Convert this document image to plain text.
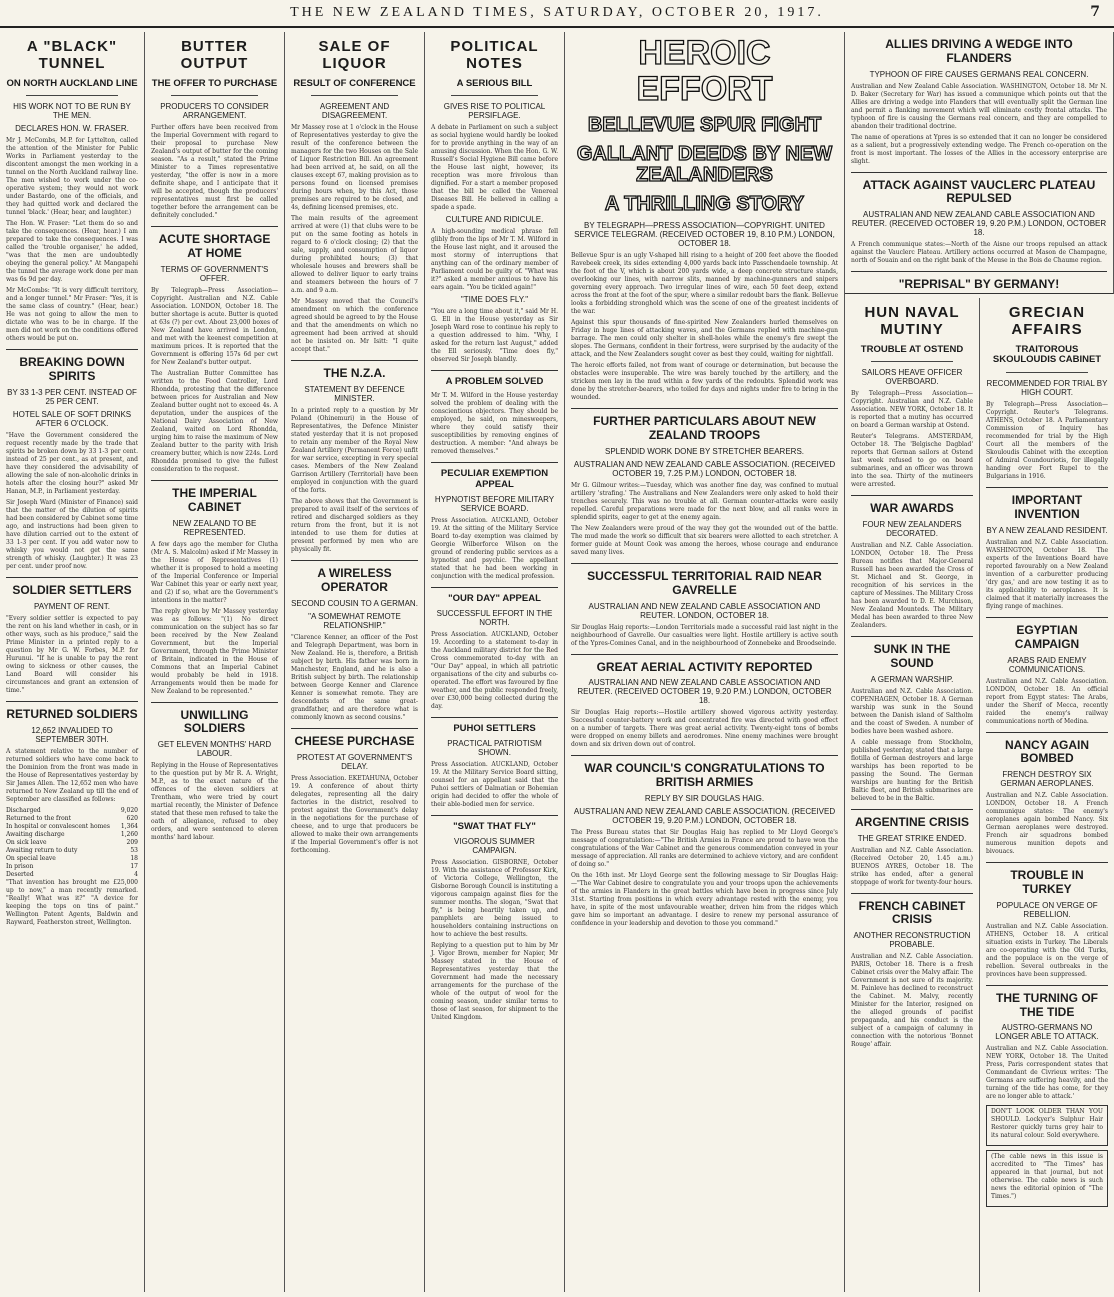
THE NEW ZEALAND TIMES, SATURDAY, OCTOBER 20, 1917.	7
A "BLACK" TUNNEL
ON NORTH AUCKLAND LINE
HIS WORK NOT TO BE RUN BY THE MEN.
DECLARES HON. W. FRASER.

Mr J. McCombs, M.P. for Lyttelton, called the attention of the Minister for Public Works in Parliament yesterday to the discontent amongst the men working in a tunnel on the North Auckland railway line. The men wished to work under the co-operative system; they would not work under Bastardo, one of the officials, and they had quitted work and declared the tunnel 'black.' (Hear, hear, and laughter.)

The Hon. W. Fraser: "Let them do so and take the consequences. (Hear, hear.) I am prepared to take the consequences. I was called the 'trouble organiser,' he added, "was that the men are undoubtedly obeying the general policy." At Mangapehi the tunnel the average work done per man was 6s 9d per day.

Mr McCombs: "It is very difficult territory, and a longer tunnel." Mr Fraser: "Yes, it is the same class of country." (Hear, hear.) He was not going to allow the men to dictate who was to be in charge. If the men did not work on the conditions offered others would be put on.

BREAKING DOWN SPIRITS
BY 33 1-3 PER CENT. INSTEAD OF 25 PER CENT.
HOTEL SALE OF SOFT DRINKS AFTER 6 O'CLOCK.

"Have the Government considered the request recently made by the trade that spirits be broken down by 33 1-3 per cent. instead of 25 per cent., as at present, and have they considered the advisability of allowing the sale of non-alcoholic drinks in hotels after the closing hour?" asked Mr Hanan, M.P., in Parliament yesterday.

Sir Joseph Ward (Minister of Finance) said that the matter of the dilution of spirits had been considered by Cabinet some time ago, and instructions had been given to have dilution carried out to the extent of 33 1-3 per cent. If you add water now to whisky you would not get the same strength of whisky. (Laughter.) It was 23 per cent. under proof now.

SOLDIER SETTLERS
PAYMENT OF RENT.

"Every soldier settler is expected to pay the rent on his land whether in cash, or in other ways, such as his produce," said the Prime Minister in a printed reply to a question by Mr G. W. Forbes, M.P. for Hurunui. "If he is unable to pay the rent owing to sickness or other causes, the Land Board will consider his circumstances and grant an extension of time."

RETURNED SOLDIERS
12,652 INVALIDED TO SEPTEMBER 30TH.

A statement relative to the number of returned soldiers who have come back to the Dominion from the front was made in the House of Representatives yesterday by Sir James Allen. The 12,652 men who have returned to New Zealand up till the end of September are classified as follows:

Discharged	9,020
Returned to the front	620
In hospital or convalescent homes 1,364
Awaiting discharge	1,260
On sick leave	209
Awaiting return to duty	53
On special leave	18
In prison	17
Deserted	4

"That invention has brought me £25,000 up to now," a man recently remarked. "Really! What was it?" "A device for keeping the tops on tins of paint." Wellington Patent Agents, Baldwin and Rayward, Featherston street, Wellington.

BUTTER OUTPUT
THE OFFER TO PURCHASE
PRODUCERS TO CONSIDER ARRANGEMENT.

Further offers have been received from the Imperial Government with regard to their proposal to purchase New Zealand's output of butter for the coming season. "As a result," stated the Prime Minister to a Times representative yesterday, "the offer is now in a more definite shape, and I anticipate that it will be accepted, though the producers' representatives must first be called together before the arrangement can be definitely concluded."

ACUTE SHORTAGE AT HOME
TERMS OF GOVERNMENT'S OFFER.

By Telegraph—Press Association—Copyright. Australian and N.Z. Cable Association. LONDON, October 18. The butter shortage is acute. Butter is quoted at 63s (?) per cwt. About 23,000 boxes of New Zealand have arrived in London, and met with the keenest competition at maximum prices. It is reported that the Government is offering 157s 6d per cwt for New Zealand's butter output.

The Australian Butter Committee has written to the Food Controller, Lord Rhondda, protesting that the difference between prices for Australian and New Zealand butter ought not to exceed 4s. A deputation, under the auspices of the National Dairy Association of New Zealand, waited on Lord Rhondda, urging him to raise the maximum of New Zealand butter to the parity with Irish creamery butter, which is now 224s. Lord Rhondda promised to give the fullest consideration to the request.

THE IMPERIAL CABINET
NEW ZEALAND TO BE REPRESENTED.

A few days ago the member for Clutha (Mr A. S. Malcolm) asked if Mr Massey in the House of Representatives (1) whether it is proposed to hold a meeting of the Imperial Conference or Imperial War Cabinet this year or early next year, and (2) if so, what are the Government's intentions in the matter?

The reply given by Mr Massey yesterday was as follows: "(1) No direct communication on the subject has so far been received by the New Zealand Government, but the Imperial Government, through the Prime Minister of Britain, indicated in the House of Commons that an Imperial Cabinet would probably be held in 1918. Arrangements would then be made for New Zealand to be represented."

UNWILLING SOLDIERS
GET ELEVEN MONTHS' HARD LABOUR.

Replying in the House of Representatives to the question put by Mr R. A. Wright, M.P., as to the exact nature of the offences of the eleven soldiers at Trentham, who were tried by court martial recently, the Minister of Defence stated that these men refused to take the oath of allegiance, refused to obey orders, and were sentenced to eleven months' hard labour.

SALE OF LIQUOR
RESULT OF CONFERENCE
AGREEMENT AND DISAGREEMENT.

Mr Massey rose at 1 o'clock in the House of Representatives yesterday to give the result of the conference between the managers for the two Houses on the Sale of Liquor Restriction Bill. An agreement had been arrived at, he said, on all the clauses except 67, making provision as to persons found on licensed premises during hours when, by this Act, those premises are required to be closed, and 4s, defining licensed premises, etc.

The main results of the agreement arrived at were (1) that clubs were to be put on the same footing as hotels in regard to 6 o'clock closing; (2) that the sale, supply, and consumption of liquor during prohibited hours; (3) that wholesale houses and brewers shall be allowed to deliver liquor to early trains and steamers between the hours of 7 a.m. and 9 a.m.

Mr Massey moved that the Council's amendment on which the conference agreed should be agreed to by the House and that the amendments on which no agreement had been arrived at should not be insisted on. Mr Isitt: "I quite accept that."

THE N.Z.A.
STATEMENT BY DEFENCE MINISTER.

In a printed reply to a question by Mr Poland (Ohinemuri) in the House of Representatives, the Defence Minister stated yesterday that it is not proposed to retain any member of the Royal New Zealand Artillery (Permanent Force) unfit for war service, excepting in very special cases. Members of the New Zealand Garrison Artillery (Territorial) have been employed in conjunction with the guard of the forts.

The above shows that the Government is prepared to avail itself of the services of retired and discharged soldiers as they return from the front, but it is not intended to use them for duties at present performed by men who are physically fit.

A WIRELESS OPERATOR
SECOND COUSIN TO A GERMAN.
"A SOMEWHAT REMOTE RELATIONSHIP."

"Clarence Kenner, an officer of the Post and Telegraph Department, was born in New Zealand. He is, therefore, a British subject by birth. His father was born in Manchester, England, and he is also a British subject by birth. The relationship between George Kenner and Clarence Kenner is somewhat remote. They are descendants of the same great-grandfather, and are therefore what is commonly known as second cousins."

CHEESE PURCHASE
PROTEST AT GOVERNMENT'S DELAY.

Press Association. EKETAHUNA, October 19. A conference of about thirty delegates, representing all the dairy factories in the district, resolved to protest against the Government's delay in the negotiations for the purchase of cheese, and to urge that producers be allowed to make their own arrangements if the Imperial Government's offer is not forthcoming.

POLITICAL NOTES
A SERIOUS BILL
GIVES RISE TO POLITICAL PERSIFLAGE.

A debate in Parliament on such a subject as social hygiene would hardly be looked for to provide anything in the way of an amusing discussion. When the Hon. G. W. Russell's Social Hygiene Bill came before the House last night, however, its reception was more frivolous than dignified. For a start a member proposed that the bill be called the Venereal Diseases Bill. He believed in calling a spade a spade.

CULTURE AND RIDICULE.

A high-sounding medical phrase fell glibly from the lips of Mr T. M. Wilford in the House last night, and it aroused the most stormy of interruptions that anything can of the ordinary member of Parliament could be guilty of. "What was it?" asked a member anxious to have his ears again. "You be tickled again!"

"TIME DOES FLY."

"You are a long time about it," said Mr H. G. Ell in the House yesterday as Sir Joseph Ward rose to continue his reply to a question addressed to him. "Why, I asked for the return last August," added the Ell seriously. "Time does fly," observed Sir Joseph blandly.

A PROBLEM SOLVED

Mr T. M. Wilford in the House yesterday solved the problem of dealing with the conscientious objectors. They should be employed, he said, on minesweepers, where they could satisfy their susceptibilities by removing engines of destruction. A member: "And always be removed themselves."

PECULIAR EXEMPTION APPEAL
HYPNOTIST BEFORE MILITARY SERVICE BOARD.

Press Association. AUCKLAND, October 19. At the sitting of the Military Service Board to-day exemption was claimed by Georgie Wilberforce Wilson on the ground of rendering public services as a hypnotist and psychic. The appellant stated that he had been working in conjunction with the medical profession.

"OUR DAY" APPEAL
SUCCESSFUL EFFORT IN THE NORTH.

Press Association. AUCKLAND, October 19. According to a statement to-day in the Auckland military district for the Red Cross commemorated to-day with an "Our Day" appeal, in which all patriotic organisations of the city and suburbs co-operated. The effort was favoured by fine weather, and the public responded freely, over £30,000 being collected during the day.

PUHOI SETTLERS
PRACTICAL PATRIOTISM SHOWN.

Press Association. AUCKLAND, October 19. At the Military Service Board sitting, counsel for an appellant said that the Puhoi settlers of Dalmatian or Bohemian origin had decided to offer the whole of their able-bodied men for service.

"SWAT THAT FLY"
VIGOROUS SUMMER CAMPAIGN.

Press Association. GISBORNE, October 19. With the assistance of Professor Kirk, of Victoria College, Wellington, the Gisborne Borough Council is instituting a vigorous campaign against flies for the summer months. The slogan, "Swat that fly," is being heartily taken up, and pamphlets are being issued to householders containing instructions on how to achieve the best results.

Replying to a question put to him by Mr J. Vigor Brown, member for Napier, Mr Massey stated in the House of Representatives yesterday that the Government had made the necessary arrangements for the purchase of the whole of the output of wool for the coming season, under similar terms to those of last season, for shipment to the United Kingdom.

HEROIC EFFORT
BELLEVUE SPUR FIGHT
GALLANT DEEDS BY NEW ZEALANDERS
A THRILLING STORY
BY TELEGRAPH—PRESS ASSOCIATION—COPYRIGHT. UNITED SERVICE TELEGRAM. (RECEIVED OCTOBER 19, 8.10 P.M.) LONDON, OCTOBER 18.

Bellevue Spur is an ugly V-shaped hill rising to a height of 200 feet above the flooded Ravebeek creek, its sides extending 4,000 yards back into Passchendaele township. At the foot of the V, which is about 200 yards wide, a deep concrete structure stands, overlooking our lines, with narrow slits, manned by machine-gunners and snipers governing every approach. Two irregular lines of wire, each 50 feet deep, extend across the front at the foot of the spur, where a similar redoubt bars the flank. Bellevue looks a forbidding stronghold which was the scene of one of the greatest incidents of the war.

Against this spur thousands of fine-spirited New Zealanders hurled themselves on Friday in huge lines of attacking waves, and the Germans replied with machine-gun barrage. The men could only shelter in shell-holes while the enemy's fire swept the slopes. The Germans, confident in their fortress, were surprised by the audacity of the attack, and the New Zealanders sought cover as best they could, waiting for nightfall.

The heroic efforts failed, not from want of courage or determination, but because the obstacles were insuperable. The wire was barely touched by the artillery, and the stricken men lay in the mud within a few yards of the redoubts. Splendid work was done by the stretcher-bearers, who toiled for days and nights under fire to bring in the wounded.

FURTHER PARTICULARS ABOUT NEW ZEALAND TROOPS
SPLENDID WORK DONE BY STRETCHER BEARERS.
AUSTRALIAN AND NEW ZEALAND CABLE ASSOCIATION. (RECEIVED OCTOBER 19, 7.25 P.M.) LONDON, OCTOBER 18.

Mr G. Gilmour writes:—Tuesday, which was another fine day, was confined to mutual artillery 'strafing.' The Australians and New Zealanders were only asked to hold their trenches securely. This was no trouble at all. German counter-attacks were easily repelled. Careful preparations were made for the next blow, and all ranks were in splendid spirits, eager to get at the enemy again.

The New Zealanders were proud of the way they got the wounded out of the battle. The mud made the work so difficult that six bearers were allotted to each stretcher. A former guide at Mount Cook was among the heroes, whose courage and endurance saved many lives.

SUCCESSFUL TERRITORIAL RAID NEAR GAVRELLE
AUSTRALIAN AND NEW ZEALAND CABLE ASSOCIATION AND REUTER. LONDON, OCTOBER 18.

Sir Douglas Haig reports:—London Territorials made a successful raid last night in the neighbourhood of Gavrelle. Our casualties were light. Hostile artillery is active south of the Ypres-Comines Canal, and in the neighbourhood of Zonnebeke and Broodseinde.

GREAT AERIAL ACTIVITY REPORTED
AUSTRALIAN AND NEW ZEALAND CABLE ASSOCIATION AND REUTER. (RECEIVED OCTOBER 19, 9.20 P.M.) LONDON, OCTOBER 18.

Sir Douglas Haig reports:—Hostile artillery showed vigorous activity yesterday. Successful counter-battery work and concentrated fire was directed with good effect on a number of targets. There was great aerial activity. Twenty-eight tons of bombs were dropped on enemy billets and aerodromes. Nine enemy machines were brought down and six driven down out of control.

WAR COUNCIL'S CONGRATULATIONS TO BRITISH ARMIES
REPLY BY SIR DOUGLAS HAIG.
AUSTRALIAN AND NEW ZEALAND CABLE ASSOCIATION. (RECEIVED OCTOBER 19, 9.20 P.M.) LONDON, OCTOBER 18.

The Press Bureau states that Sir Douglas Haig has replied to Mr Lloyd George's message of congratulation:—"The British Armies in France are proud to have won the congratulations of the War Cabinet and the generous commendation conveyed in your message of appreciation. All ranks are determined to achieve victory, and are confident of doing so."

On the 16th inst. Mr Lloyd George sent the following message to Sir Douglas Haig:—"The War Cabinet desire to congratulate you and your troops upon the achievements of the armies in Flanders in the great battles which have been in progress since July 31st. Starting from positions in which every advantage rested with the enemy, you have, in spite of the most unfavourable weather, driven him from the ridges which gave him so important an advantage. I desire to renew my personal assurance of confidence in your leadership and devotion to those you command."

ALLIES DRIVING A WEDGE INTO FLANDERS
TYPHOON OF FIRE CAUSES GERMANS REAL CONCERN.

Australian and New Zealand Cable Association. WASHINGTON, October 18. Mr N. D. Baker (Secretary for War) has issued a communique which points out that the Allies are driving a wedge into Flanders that will eventually split the German line and permit a flanking movement which will eliminate costly frontal attacks. The typhoon of fire is causing the Germans real concern, and they are compelled to abandon their traditional doctrine.

The name of operations at Ypres is so extended that it can no longer be considered as a salient, but a progressively extending wedge. The French co-operation on the front is most important. The losses of the Allies in the accessory enterprise are slight.

ATTACK AGAINST VAUCLERC PLATEAU REPULSED
AUSTRALIAN AND NEW ZEALAND CABLE ASSOCIATION AND REUTER. (RECEIVED OCTOBER 19, 9.20 P.M.) LONDON, OCTOBER 18.

A French communique states:—North of the Aisne our troops repulsed an attack against the Vauclerc Plateau. Artillery actions occurred at Mason de Champagne, north of Souain and on the right bank of the Meuse in the Bois de Chaume region.

"REPRISAL" BY GERMANY!

HUN NAVAL MUTINY
TROUBLE AT OSTEND
SAILORS HEAVE OFFICER OVERBOARD.

By Telegraph—Press Association—Copyright. Australian and N.Z. Cable Association. NEW YORK, October 18. It is reported that a mutiny has occurred on board a German warship at Ostend.

Reuter's Telegrams. AMSTERDAM, October 18. The 'Belgische Dagblad' reports that German sailors at Ostend last week refused to go on board submarines, and an officer was thrown into the sea. Thirty of the mutineers were arrested.

WAR AWARDS
FOUR NEW ZEALANDERS DECORATED.

Australian and N.Z. Cable Association. LONDON, October 18. The Press Bureau notifies that Major-General Russell has been awarded the Cross of St. Michael and St. George, in recognition of his services in the capture of Messines. The Military Cross has been awarded to D. E. Murchison, New Zealand Mounteds. The Military Medal has been awarded to three New Zealanders.

SUNK IN THE SOUND
A GERMAN WARSHIP.

Australian and N.Z. Cable Association. COPENHAGEN, October 18. A German warship was sunk in the Sound between the Danish island of Saltholm and the coast of Sweden. A number of bodies have been washed ashore.

A cable message from Stockholm, published yesterday, stated that a large flotilla of German destroyers and large warships has been reported to be passing the Sound. The German warships are hunting for the British Baltic fleet, and British submarines are believed to be in the Baltic.

ARGENTINE CRISIS
THE GREAT STRIKE ENDED.

Australian and N.Z. Cable Association. (Received October 20, 1.45 a.m.) BUENOS AYRES, October 18. The strike has ended, after a general stoppage of work for twenty-four hours.

FRENCH CABINET CRISIS
ANOTHER RECONSTRUCTION PROBABLE.

Australian and N.Z. Cable Association. PARIS, October 18. There is a fresh Cabinet crisis over the Malvy affair. The Government is not sure of its majority. M. Painleve has declined to reconstruct the Cabinet. M. Malvy, recently Minister for the Interior, resigned on the alleged grounds of pacifist propaganda, and his conduct is the subject of a campaign of calumny in connection with the notorious 'Bonnet Rouge' affair.

GRECIAN AFFAIRS
TRAITOROUS SKOULOUDIS CABINET
RECOMMENDED FOR TRIAL BY HIGH COURT.

By Telegraph—Press Association—Copyright. Reuter's Telegrams. ATHENS, October 18. A Parliamentary Commission of Inquiry has recommended for trial by the High Court all the members of the Skouloudis Cabinet with the exception of Admiral Coundouriotis, for illegally handing over Fort Rupel to the Bulgarians in 1916.

IMPORTANT INVENTION
BY A NEW ZEALAND RESIDENT.

Australian and N.Z. Cable Association. WASHINGTON, October 18. The experts of the Inventions Board have reported favourably on a New Zealand invention of a carburetter producing 'dry gas,' and are now testing it as to its applicability to aeroplanes. It is claimed that it materially increases the flying range of machines.

EGYPTIAN CAMPAIGN
ARABS RAID ENEMY COMMUNICATIONS.

Australian and N.Z. Cable Association. LONDON, October 18. An official report from Egypt states: The Arabs, under the Sherif of Mecca, recently raided the enemy's railway communications north of Medina.

NANCY AGAIN BOMBED
FRENCH DESTROY SIX GERMAN AEROPLANES.

Australian and N.Z. Cable Association. LONDON, October 18. A French communique states: The enemy's aeroplanes again bombed Nancy. Six German aeroplanes were destroyed. French air squadrons bombed numerous munition depots and bivouacs.

TROUBLE IN TURKEY
POPULACE ON VERGE OF REBELLION.

Australian and N.Z. Cable Association. ATHENS, October 18. A critical situation exists in Turkey. The Liberals are co-operating with the Old Turks, and the populace is on the verge of rebellion. Several outbreaks in the provinces have been suppressed.

THE TURNING OF THE TIDE
AUSTRO-GERMANS NO LONGER ABLE TO ATTACK.

Australian and N.Z. Cable Association. NEW YORK, October 18. The United Press, Paris correspondent states that Commandant de Civrieux writes: 'The Germans are suffering heavily, and the turning of the tide has come, for they are no longer able to attack.'

DON'T LOOK OLDER THAN YOU SHOULD. Lockyer's Sulphur Hair Restorer quickly turns grey hair to its natural colour. Sold everywhere.

(The cable news in this issue is accredited to "The Times" has appeared in that journal, but not otherwise. The cable news is such news the editorial opinion of "The Times.")
